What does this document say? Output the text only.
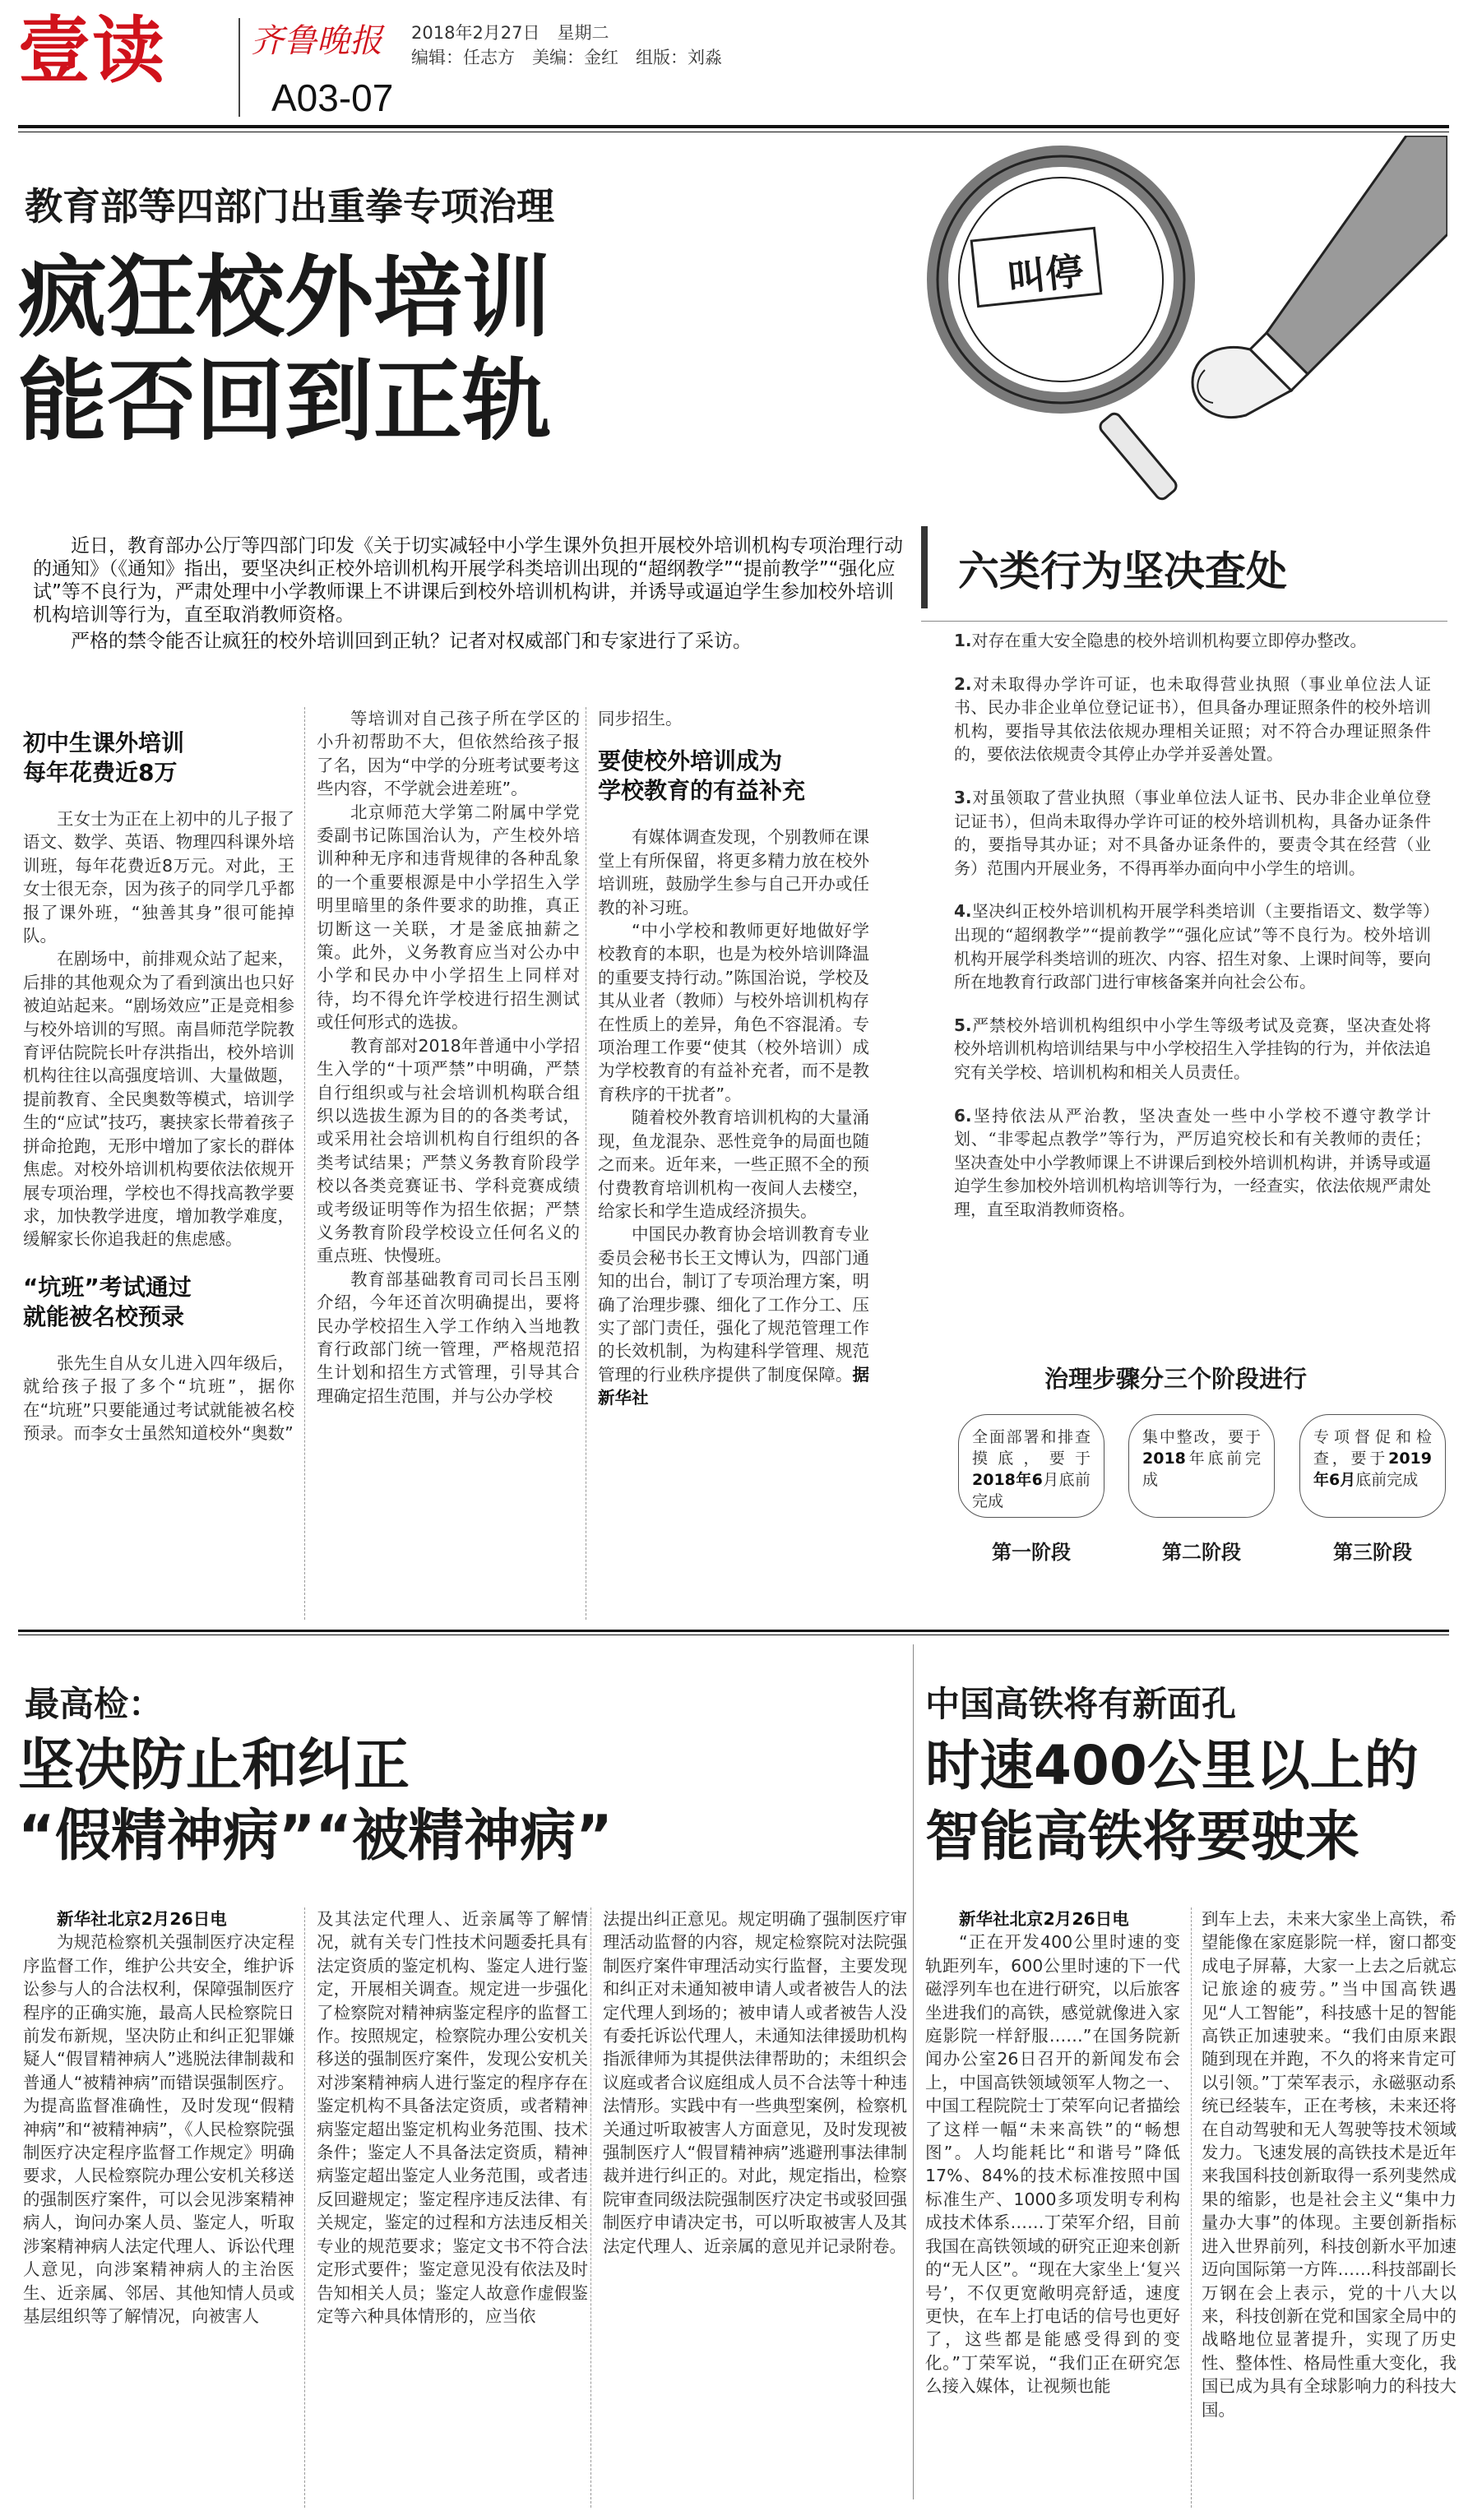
壹读	齐鲁晚报 2018年2月27日　星期二
编辑：任志方　美编：金红　组版：刘淼
A03-07
教育部等四部门出重拳专项治理
疯狂校外培训
能否回到正轨
叫停

近日，教育部办公厅等四部门印发《关于切实减轻中小学生课外负担开展校外培训机构专项治理行动的通知》（《通知》指出，要坚决纠正校外培训机构开展学科类培训出现的“超纲教学”“提前教学”“强化应试”等不良行为，严肃处理中小学教师课上不讲课后到校外培训机构讲，并诱导或逼迫学生参加校外培训机构培训等行为，直至取消教师资格。

严格的禁令能否让疯狂的校外培训回到正轨？记者对权威部门和专家进行了采访。

初中生课外培训
每年花费近8万

王女士为正在上初中的儿子报了语文、数学、英语、物理四科课外培训班，每年花费近8万元。对此，王女士很无奈，因为孩子的同学几乎都报了课外班，“独善其身”很可能掉队。

在剧场中，前排观众站了起来，后排的其他观众为了看到演出也只好被迫站起来。“剧场效应”正是竞相参与校外培训的写照。南昌师范学院教育评估院院长叶存洪指出，校外培训机构往往以高强度培训、大量做题，提前教育、全民奥数等模式，培训学生的“应试”技巧，裹挟家长带着孩子拼命抢跑，无形中增加了家长的群体焦虑。对校外培训机构要依法依规开展专项治理，学校也不得找高教学要求，加快教学进度，增加教学难度，缓解家长你追我赶的焦虑感。

“坑班”考试通过
就能被名校预录

张先生自从女儿进入四年级后，就给孩子报了多个“坑班”，据你在“坑班”只要能通过考试就能被名校预录。而李女士虽然知道校外“奥数”

等培训对自己孩子所在学区的小升初帮助不大，但依然给孩子报了名，因为“中学的分班考试要考这些内容，不学就会进差班”。

北京师范大学第二附属中学党委副书记陈国治认为，产生校外培训种种无序和违背规律的各种乱象的一个重要根源是中小学招生入学明里暗里的条件要求的助推，真正切断这一关联，才是釜底抽薪之策。此外，义务教育应当对公办中小学和民办中小学招生上同样对待，均不得允许学校进行招生测试或任何形式的选拔。

教育部对2018年普通中小学招生入学的“十项严禁”中明确，严禁自行组织或与社会培训机构联合组织以选拔生源为目的的各类考试，或采用社会培训机构自行组织的各类考试结果；严禁义务教育阶段学校以各类竞赛证书、学科竞赛成绩或考级证明等作为招生依据；严禁义务教育阶段学校设立任何名义的重点班、快慢班。

教育部基础教育司司长吕玉刚介绍，今年还首次明确提出，要将民办学校招生入学工作纳入当地教育行政部门统一管理，严格规范招生计划和招生方式管理，引导其合理确定招生范围，并与公办学校

同步招生。

要使校外培训成为
学校教育的有益补充

有媒体调查发现，个别教师在课堂上有所保留，将更多精力放在校外培训班，鼓励学生参与自己开办或任教的补习班。

“中小学校和教师更好地做好学校教育的本职，也是为校外培训降温的重要支持行动。”陈国治说，学校及其从业者（教师）与校外培训机构存在性质上的差异，角色不容混淆。专项治理工作要“使其（校外培训）成为学校教育的有益补充者，而不是教育秩序的干扰者”。

随着校外教育培训机构的大量涌现，鱼龙混杂、恶性竞争的局面也随之而来。近年来，一些正照不全的预付费教育培训机构一夜间人去楼空，给家长和学生造成经济损失。

中国民办教育协会培训教育专业委员会秘书长王文博认为，四部门通知的出台，制订了专项治理方案，明确了治理步骤、细化了工作分工、压实了部门责任，强化了规范管理工作的长效机制，为构建科学管理、规范管理的行业秩序提供了制度保障。据新华社

六类行为坚决查处
1.对存在重大安全隐患的校外培训机构要立即停办整改。
2.对未取得办学许可证，也未取得营业执照（事业单位法人证书、民办非企业单位登记证书），但具备办理证照条件的校外培训机构，要指导其依法依规办理相关证照；对不符合办理证照条件的，要依法依规责令其停止办学并妥善处置。
3.对虽领取了营业执照（事业单位法人证书、民办非企业单位登记证书），但尚未取得办学许可证的校外培训机构，具备办证条件的，要指导其办证；对不具备办证条件的，要责令其在经营（业务）范围内开展业务，不得再举办面向中小学生的培训。
4.坚决纠正校外培训机构开展学科类培训（主要指语文、数学等）出现的“超纲教学”“提前教学”“强化应试”等不良行为。校外培训机构开展学科类培训的班次、内容、招生对象、上课时间等，要向所在地教育行政部门进行审核备案并向社会公布。
5.严禁校外培训机构组织中小学生等级考试及竞赛，坚决查处将校外培训机构培训结果与中小学校招生入学挂钩的行为，并依法追究有关学校、培训机构和相关人员责任。
6.坚持依法从严治教，坚决查处一些中小学校不遵守教学计划、“非零起点教学”等行为，严厉追究校长和有关教师的责任；坚决查处中小学教师课上不讲课后到校外培训机构讲，并诱导或逼迫学生参加校外培训机构培训等行为，一经查实，依法依规严肃处理，直至取消教师资格。
治理步骤分三个阶段进行
全面部署和排查摸底，要于2018年6月底前完成
第一阶段
集中整改，要于2018年底前完成
第二阶段
专项督促和检查，要于2019年6月底前完成
第三阶段
最高检：
坚决防止和纠正
“假精神病”“被精神病”

新华社北京2月26日电

为规范检察机关强制医疗决定程序监督工作，维护公共安全，维护诉讼参与人的合法权利，保障强制医疗程序的正确实施，最高人民检察院日前发布新规，坚决防止和纠正犯罪嫌疑人“假冒精神病人”逃脱法律制裁和普通人“被精神病”而错误强制医疗。为提高监督准确性，及时发现“假精神病”和“被精神病”，《人民检察院强制医疗决定程序监督工作规定》明确要求，人民检察院办理公安机关移送的强制医疗案件，可以会见涉案精神病人，询问办案人员、鉴定人，听取涉案精神病人法定代理人、诉讼代理人意见，向涉案精神病人的主治医生、近亲属、邻居、其他知情人员或基层组织等了解情况，向被害人

及其法定代理人、近亲属等了解情况，就有关专门性技术问题委托具有法定资质的鉴定机构、鉴定人进行鉴定，开展相关调查。规定进一步强化了检察院对精神病鉴定程序的监督工作。按照规定，检察院办理公安机关移送的强制医疗案件，发现公安机关对涉案精神病人进行鉴定的程序存在鉴定机构不具备法定资质，或者精神病鉴定超出鉴定机构业务范围、技术条件；鉴定人不具备法定资质，精神病鉴定超出鉴定人业务范围，或者违反回避规定；鉴定程序违反法律、有关规定，鉴定的过程和方法违反相关专业的规范要求；鉴定文书不符合法定形式要件；鉴定意见没有依法及时告知相关人员；鉴定人故意作虚假鉴定等六种具体情形的，应当依

法提出纠正意见。规定明确了强制医疗审理活动监督的内容，规定检察院对法院强制医疗案件审理活动实行监督，主要发现和纠正对未通知被申请人或者被告人的法定代理人到场的；被申请人或者被告人没有委托诉讼代理人，未通知法律援助机构指派律师为其提供法律帮助的；未组织会议庭或者合议庭组成人员不合法等十种违法情形。实践中有一些典型案例，检察机关通过听取被害人方面意见，及时发现被强制医疗人“假冒精神病”逃避刑事法律制裁并进行纠正的。对此，规定指出，检察院审查同级法院强制医疗决定书或驳回强制医疗申请决定书，可以听取被害人及其法定代理人、近亲属的意见并记录附卷。

中国高铁将有新面孔
时速400公里以上的
智能高铁将要驶来

新华社北京2月26日电

“正在开发400公里时速的变轨距列车，600公里时速的下一代磁浮列车也在进行研究，以后旅客坐进我们的高铁，感觉就像进入家庭影院一样舒服……”在国务院新闻办公室26日召开的新闻发布会上，中国高铁领域领军人物之一、中国工程院院士丁荣军向记者描绘了这样一幅“未来高铁”的“畅想图”。人均能耗比“和谐号”降低17%、84%的技术标准按照中国标准生产、1000多项发明专利构成技术体系……丁荣军介绍，目前我国在高铁领域的研究正迎来创新的“无人区”。“现在大家坐上‘复兴号’，不仅更宽敞明亮舒适，速度更快，在车上打电话的信号也更好了，这些都是能感受得到的变化。”丁荣军说，“我们正在研究怎么接入媒体，让视频也能

到车上去，未来大家坐上高铁，希望能像在家庭影院一样，窗口都变成电子屏幕，大家一上去之后就忘记旅途的疲劳。”当中国高铁遇见“人工智能”，科技感十足的智能高铁正加速驶来。“我们由原来跟随到现在并跑，不久的将来肯定可以引领。”丁荣军表示，永磁驱动系统已经装车，正在考核，未来还将在自动驾驶和无人驾驶等技术领域发力。飞速发展的高铁技术是近年来我国科技创新取得一系列斐然成果的缩影，也是社会主义“集中力量办大事”的体现。主要创新指标进入世界前列，科技创新水平加速迈向国际第一方阵……科技部副长万钢在会上表示，党的十八大以来，科技创新在党和国家全局中的战略地位显著提升，实现了历史性、整体性、格局性重大变化，我国已成为具有全球影响力的科技大国。
